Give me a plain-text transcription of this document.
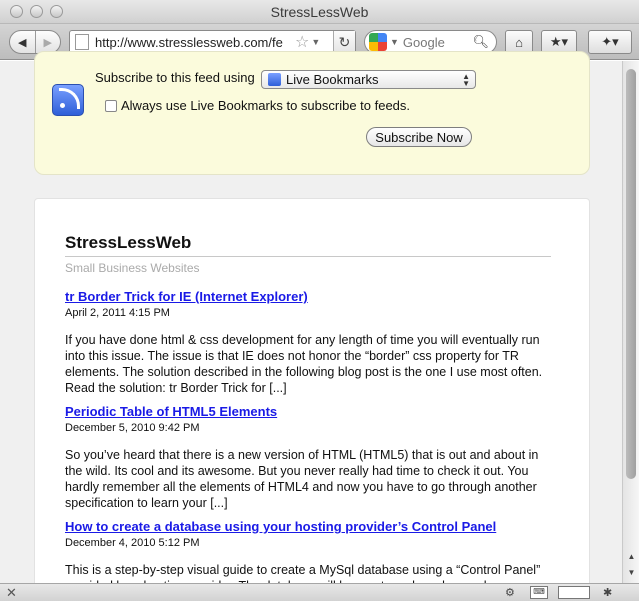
StressLessWeb
◀ ▶	http://www.stresslessweb.com/fe ☆ ▼ ↻	▼ Google	🔍︎ ⌂ ★▾	✦▾
Subscribe to this feed using Live Bookmarks	▲
▼
Always use Live Bookmarks to subscribe to feeds.
Subscribe Now
StressLessWeb
Small Business Websites
tr Border Trick for IE (Internet Explorer)
April 2, 2011 4:15 PM
If you have done html & css development for any length of time you will eventually run into this issue. The issue is that IE does not honor the “border” css property for TR elements. The solution described in the following blog post is the one I use most often. Read the solution: tr Border Trick for [...]
Periodic Table of HTML5 Elements
December 5, 2010 9:42 PM
So you’ve heard that there is a new version of HTML (HTML5) that is out and about in the wild. Its cool and its awesome. But you never really had time to check it out. You hardly remember all the elements of HTML4 and now you have to go through another specification to learn your [...]
How to create a database using your hosting provider’s Control Panel
December 4, 2010 5:12 PM
This is a step-by-step visual guide to create a MySql database using a “Control Panel”
▲
▼
✕	⚙	⌨	✱
